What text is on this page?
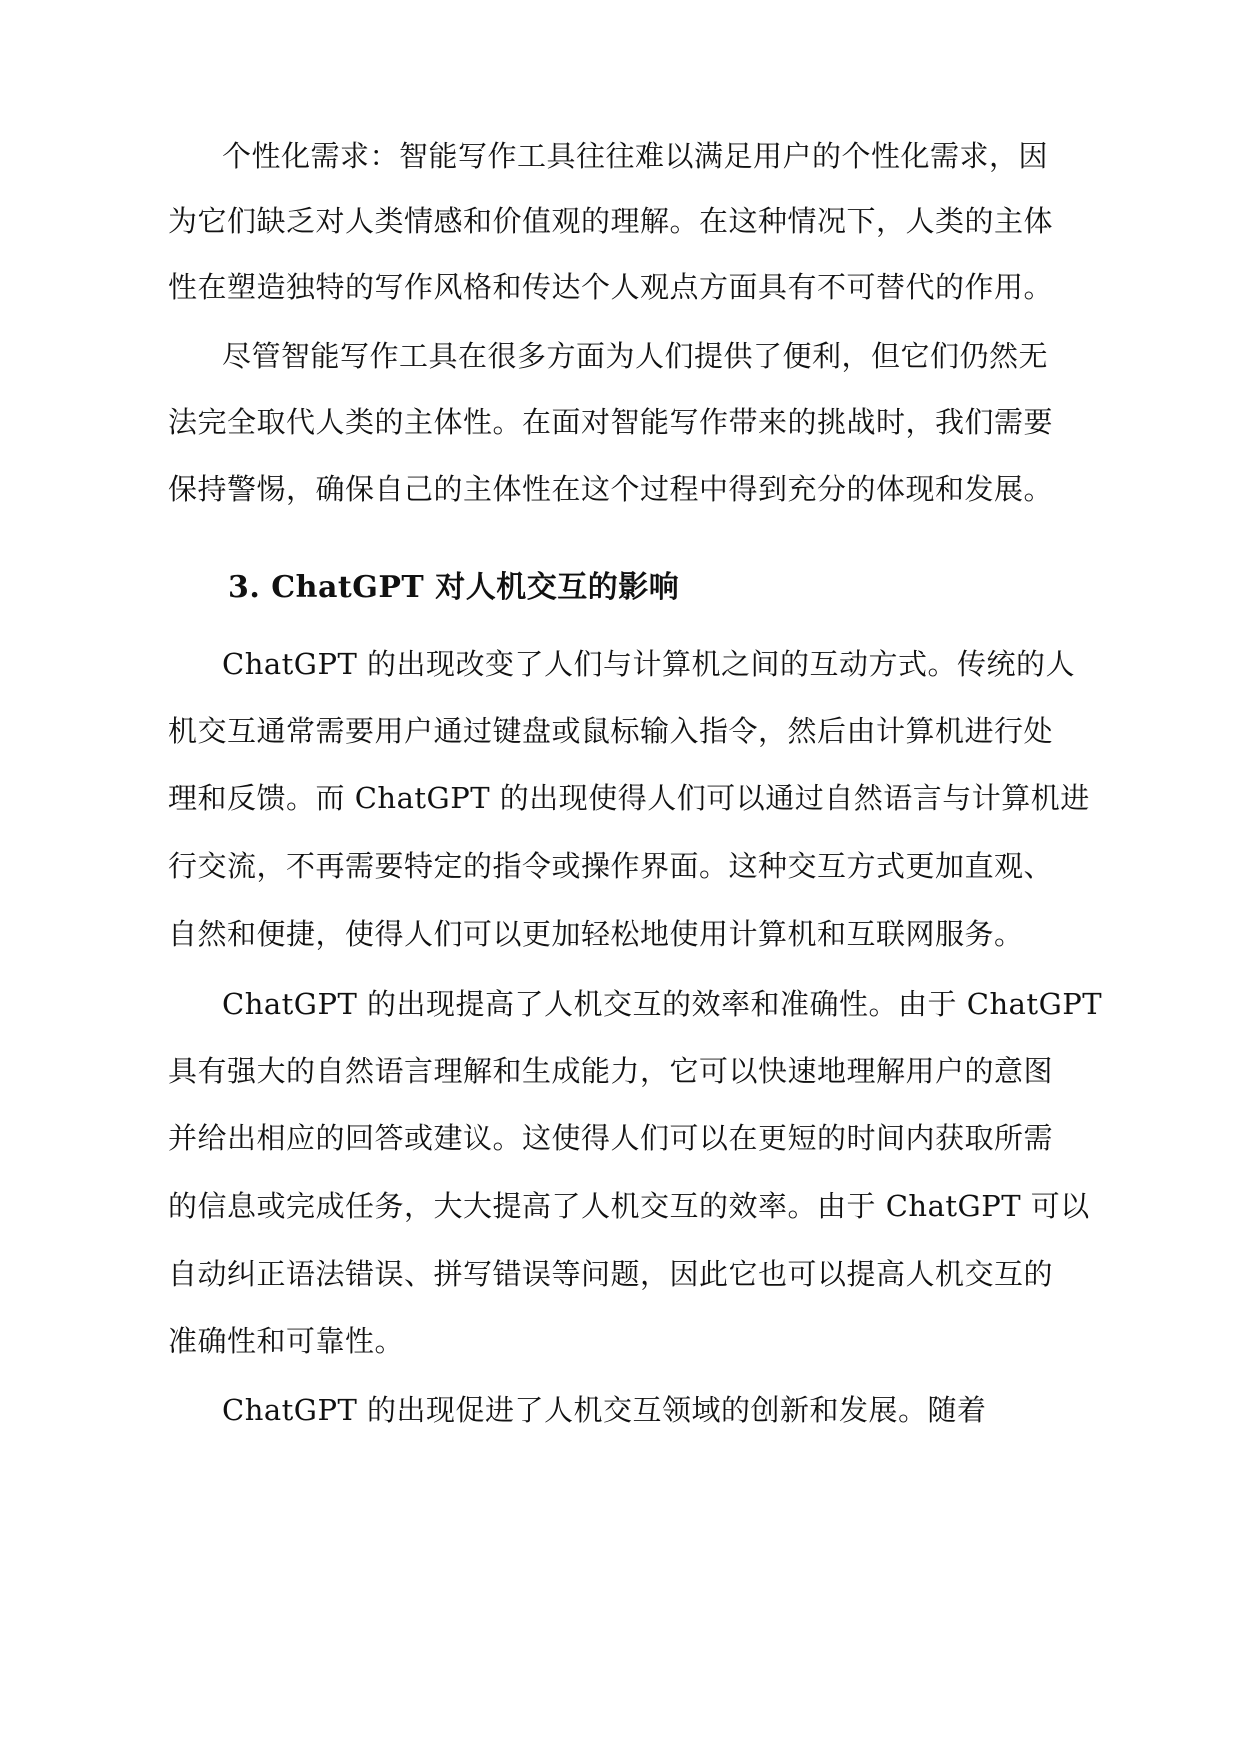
个性化需求：智能写作工具往往难以满足用户的个性化需求，因
为它们缺乏对人类情感和价值观的理解。在这种情况下，人类的主体
性在塑造独特的写作风格和传达个人观点方面具有不可替代的作用。
尽管智能写作工具在很多方面为人们提供了便利，但它们仍然无
法完全取代人类的主体性。在面对智能写作带来的挑战时，我们需要
保持警惕，确保自己的主体性在这个过程中得到充分的体现和发展。
3. ChatGPT 对人机交互的影响
ChatGPT 的出现改变了人们与计算机之间的互动方式。传统的人
机交互通常需要用户通过键盘或鼠标输入指令，然后由计算机进行处
理和反馈。而 ChatGPT 的出现使得人们可以通过自然语言与计算机进
行交流，不再需要特定的指令或操作界面。这种交互方式更加直观、
自然和便捷，使得人们可以更加轻松地使用计算机和互联网服务。
ChatGPT 的出现提高了人机交互的效率和准确性。由于 ChatGPT
具有强大的自然语言理解和生成能力，它可以快速地理解用户的意图
并给出相应的回答或建议。这使得人们可以在更短的时间内获取所需
的信息或完成任务，大大提高了人机交互的效率。由于 ChatGPT 可以
自动纠正语法错误、拼写错误等问题，因此它也可以提高人机交互的
准确性和可靠性。
ChatGPT 的出现促进了人机交互领域的创新和发展。随着
